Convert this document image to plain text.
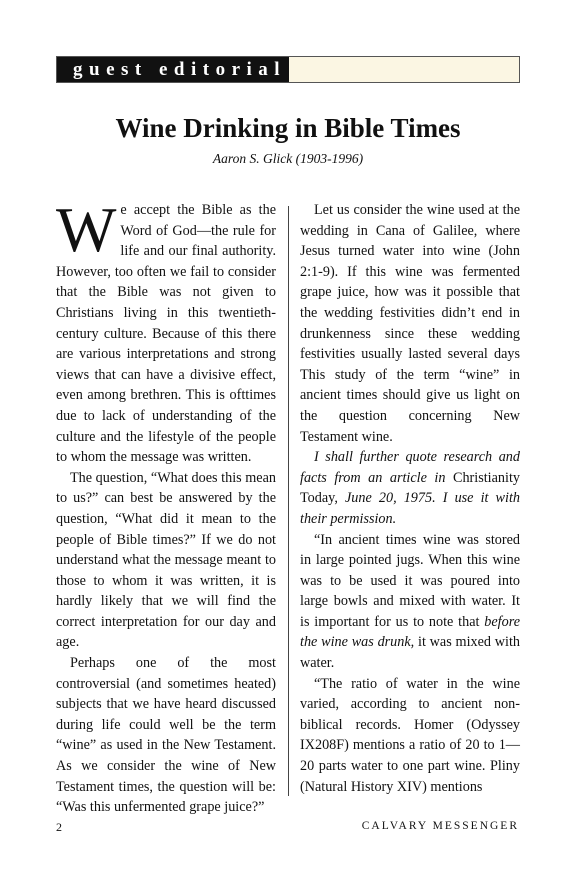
guest editorial
Wine Drinking in Bible Times
Aaron S. Glick (1903-1996)

We accept the Bible as the Word of God—the rule for life and our final authority. However, too often we fail to consider that the Bible was not given to Christians living in this twentieth-century culture. Because of this there are various interpretations and strong views that can have a divisive effect, even among brethren. This is ofttimes due to lack of understanding of the culture and the lifestyle of the people to whom the message was written.

The question, “What does this mean to us?” can best be answered by the question, “What did it mean to the people of Bible times?” If we do not understand what the message meant to those to whom it was written, it is hardly likely that we will find the correct interpretation for our day and age.

Perhaps one of the most controversial (and sometimes heated) subjects that we have heard discussed during life could well be the term “wine” as used in the New Testament. As we consider the wine of New Testament times, the question will be: “Was this unfermented grape juice?”

Let us consider the wine used at the wedding in Cana of Galilee, where Jesus turned water into wine (John 2:1-9). If this wine was fermented grape juice, how was it possible that the wedding festivities didn’t end in drunkenness since these wedding festivities usually lasted several days This study of the term “wine” in ancient times should give us light on the question concerning New Testament wine.

I shall further quote research and facts from an article in Christianity Today, June 20, 1975. I use it with their permission.

“In ancient times wine was stored in large pointed jugs. When this wine was to be used it was poured into large bowls and mixed with water. It is important for us to note that before the wine was drunk, it was mixed with water.

“The ratio of water in the wine varied, according to ancient non-biblical records. Homer (Odyssey IX208F) mentions a ratio of 20 to 1—20 parts water to one part wine. Pliny (Natural History XIV) mentions

2	CALVARY MESSENGER
